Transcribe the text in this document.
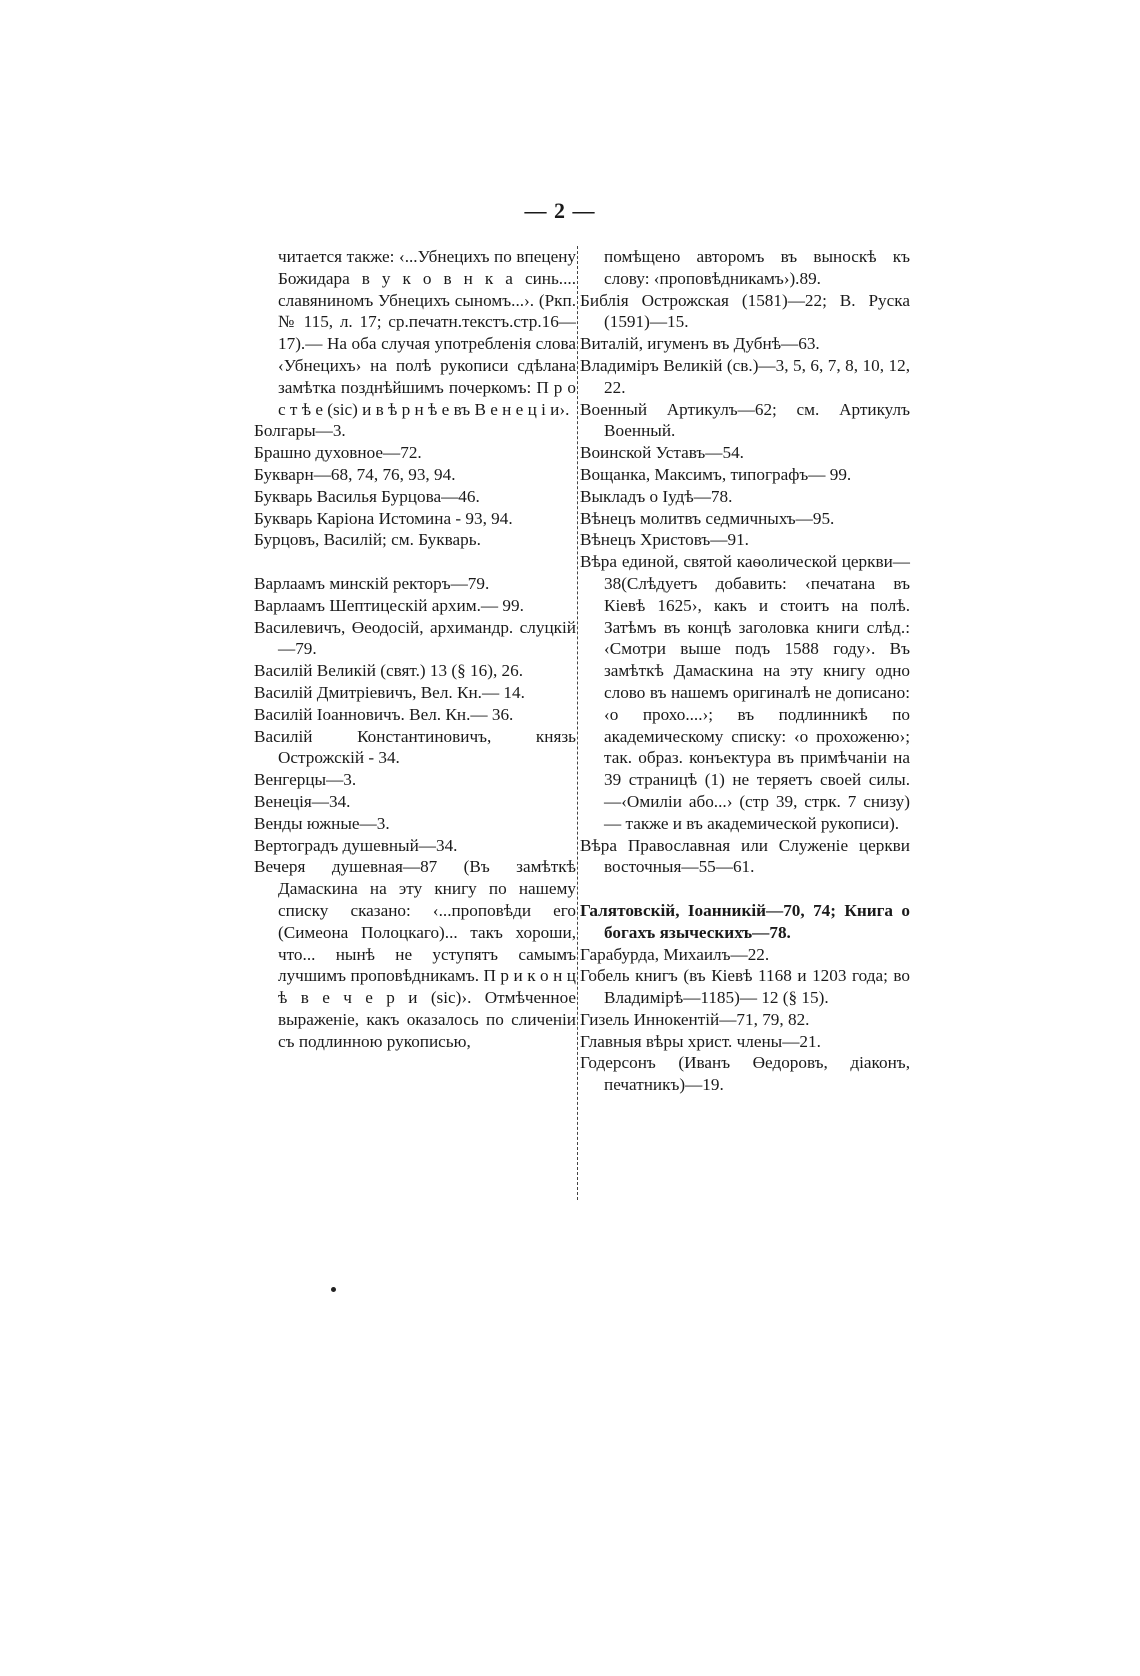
— 2 —

читается также: ‹...Убнецихъ по впецену Божидара в у к о в н к а синь.... славяниномъ Убнецихъ сыномъ...›. (Ркп. № 115, л. 17; ср.печатн.текстъ.стр.16—17).— На оба случая употребленія слова ‹Убнецихъ› на полѣ рукописи сдѣлана замѣтка позднѣйшимъ почеркомъ: П р о с т ѣ е (sic) и в ѣ р н ѣ е въ В е н е ц і и›.

Болгары—3.

Брашно духовное—72.

Букварн—68, 74, 76, 93, 94.

Букварь Василья Бурцова—46.

Букварь Каріона Истомина - 93, 94.

Бурцовъ, Василій; см. Букварь.

Варлаамъ минскій ректоръ—79.

Варлаамъ Шептицескій архим.— 99.

Василевичъ, Өеодосій, архимандр. слуцкій—79.

Василій Великій (свят.) 13 (§ 16), 26.

Василій Дмитріевичъ, Вел. Кн.— 14.

Василій Іоанновичъ. Вел. Кн.— 36.

Василій Константиновичъ, князь Острожскій - 34.

Венгерцы—3.

Венеція—34.

Венды южные—3.

Вертоградъ душевный—34.

Вечеря душевная—87 (Въ замѣткѣ Дамаскина на эту книгу по нашему списку сказано: ‹...проповѣди его (Симеона Полоцкаго)... такъ хороши, что... нынѣ не уступятъ самымъ лучшимъ проповѣдникамъ. П р и к о н ц ѣ в е ч е р и (sic)›. Отмѣченное выраженіе, какъ оказалось по сличеніи съ подлинною рукописью,

помѣщено авторомъ въ выноскѣ къ слову: ‹проповѣдникамъ›).89.

Библія Острожская (1581)—22; В. Руска (1591)—15.

Виталій, игуменъ въ Дубнѣ—63.

Владиміръ Великій (св.)—3, 5, 6, 7, 8, 10, 12, 22.

Военный Артикулъ—62; см. Артикулъ Военный.

Воинской Уставъ—54.

Вощанка, Максимъ, типографъ— 99.

Выкладъ о Іудѣ—78.

Вѣнецъ молитвъ седмичныхъ—95.

Вѣнецъ Христовъ—91.

Вѣра единой, святой каѳолической церкви—38(Слѣдуетъ добавить: ‹печатана въ Кіевѣ 1625›, какъ и стоитъ на полѣ. Затѣмъ въ концѣ заголовка книги слѣд.: ‹Смотри выше подъ 1588 году›. Въ замѣткѣ Дамаскина на эту книгу одно слово въ нашемъ оригиналѣ не дописано: ‹о прохо....›; въ подлинникѣ по академическому списку: ‹о прохоженю›; так. образ. конъектура въ примѣчаніи на 39 страницѣ (1) не теряетъ своей силы.—‹Омиліи або...› (стр 39, стрк. 7 снизу)— также и въ академической рукописи).

Вѣра Православная или Служеніе церкви восточныя—55—61.

Галятовскій, Іоанникій—70, 74; Книга о богахъ языческихъ—78.

Гарабурда, Михаилъ—22.

Гобель книгъ (въ Кіевѣ 1168 и 1203 года; во Владимірѣ—1185)— 12 (§ 15).

Гизель Иннокентій—71, 79, 82.

Главныя вѣры христ. члены—21.

Годерсонъ (Иванъ Өедоровъ, діаконъ, печатникъ)—19.
